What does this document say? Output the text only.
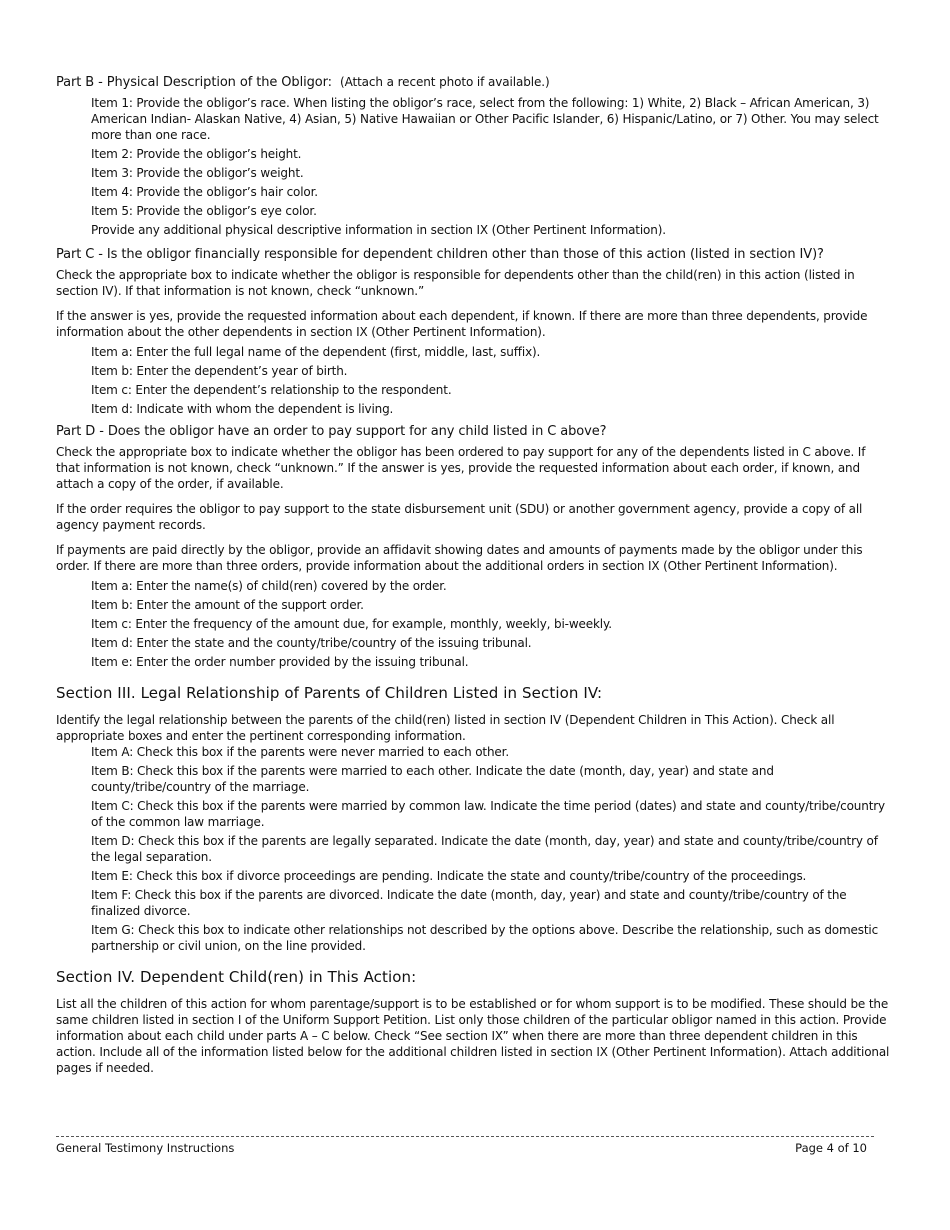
Part B - Physical Description of the Obligor: (Attach a recent photo if available.)

Item 1: Provide the obligor’s race. When listing the obligor’s race, select from the following: 1) White, 2) Black – African American, 3) American Indian- Alaskan Native, 4) Asian, 5) Native Hawaiian or Other Pacific Islander, 6) Hispanic/Latino, or 7) Other. You may select more than one race.

Item 2: Provide the obligor’s height.

Item 3: Provide the obligor’s weight.

Item 4: Provide the obligor’s hair color.

Item 5: Provide the obligor’s eye color.

Provide any additional physical descriptive information in section IX (Other Pertinent Information).

Part C - Is the obligor financially responsible for dependent children other than those of this action (listed in section IV)?

Check the appropriate box to indicate whether the obligor is responsible for dependents other than the child(ren) in this action (listed in section IV). If that information is not known, check “unknown.”

If the answer is yes, provide the requested information about each dependent, if known. If there are more than three dependents, provide information about the other dependents in section IX (Other Pertinent Information).

Item a: Enter the full legal name of the dependent (first, middle, last, suffix).

Item b: Enter the dependent’s year of birth.

Item c: Enter the dependent’s relationship to the respondent.

Item d: Indicate with whom the dependent is living.

Part D - Does the obligor have an order to pay support for any child listed in C above?

Check the appropriate box to indicate whether the obligor has been ordered to pay support for any of the dependents listed in C above. If that information is not known, check “unknown.” If the answer is yes, provide the requested information about each order, if known, and attach a copy of the order, if available.

If the order requires the obligor to pay support to the state disbursement unit (SDU) or another government agency, provide a copy of all agency payment records.

If payments are paid directly by the obligor, provide an affidavit showing dates and amounts of payments made by the obligor under this order. If there are more than three orders, provide information about the additional orders in section IX (Other Pertinent Information).

Item a: Enter the name(s) of child(ren) covered by the order.

Item b: Enter the amount of the support order.

Item c: Enter the frequency of the amount due, for example, monthly, weekly, bi-weekly.

Item d: Enter the state and the county/tribe/country of the issuing tribunal.

Item e: Enter the order number provided by the issuing tribunal.

Section III. Legal Relationship of Parents of Children Listed in Section IV:

Identify the legal relationship between the parents of the child(ren) listed in section IV (Dependent Children in This Action). Check all appropriate boxes and enter the pertinent corresponding information.

Item A: Check this box if the parents were never married to each other.

Item B: Check this box if the parents were married to each other. Indicate the date (month, day, year) and state and county/tribe/country of the marriage.

Item C: Check this box if the parents were married by common law. Indicate the time period (dates) and state and county/tribe/country of the common law marriage.

Item D: Check this box if the parents are legally separated. Indicate the date (month, day, year) and state and county/tribe/country of the legal separation.

Item E: Check this box if divorce proceedings are pending. Indicate the state and county/tribe/country of the proceedings.

Item F: Check this box if the parents are divorced. Indicate the date (month, day, year) and state and county/tribe/country of the finalized divorce.

Item G: Check this box to indicate other relationships not described by the options above. Describe the relationship, such as domestic partnership or civil union, on the line provided.

Section IV. Dependent Child(ren) in This Action:

List all the children of this action for whom parentage/support is to be established or for whom support is to be modified. These should be the same children listed in section I of the Uniform Support Petition. List only those children of the particular obligor named in this action. Provide information about each child under parts A – C below. Check “See section IX” when there are more than three dependent children in this action. Include all of the information listed below for the additional children listed in section IX (Other Pertinent Information). Attach additional pages if needed.

General Testimony Instructions	Page 4 of 10
